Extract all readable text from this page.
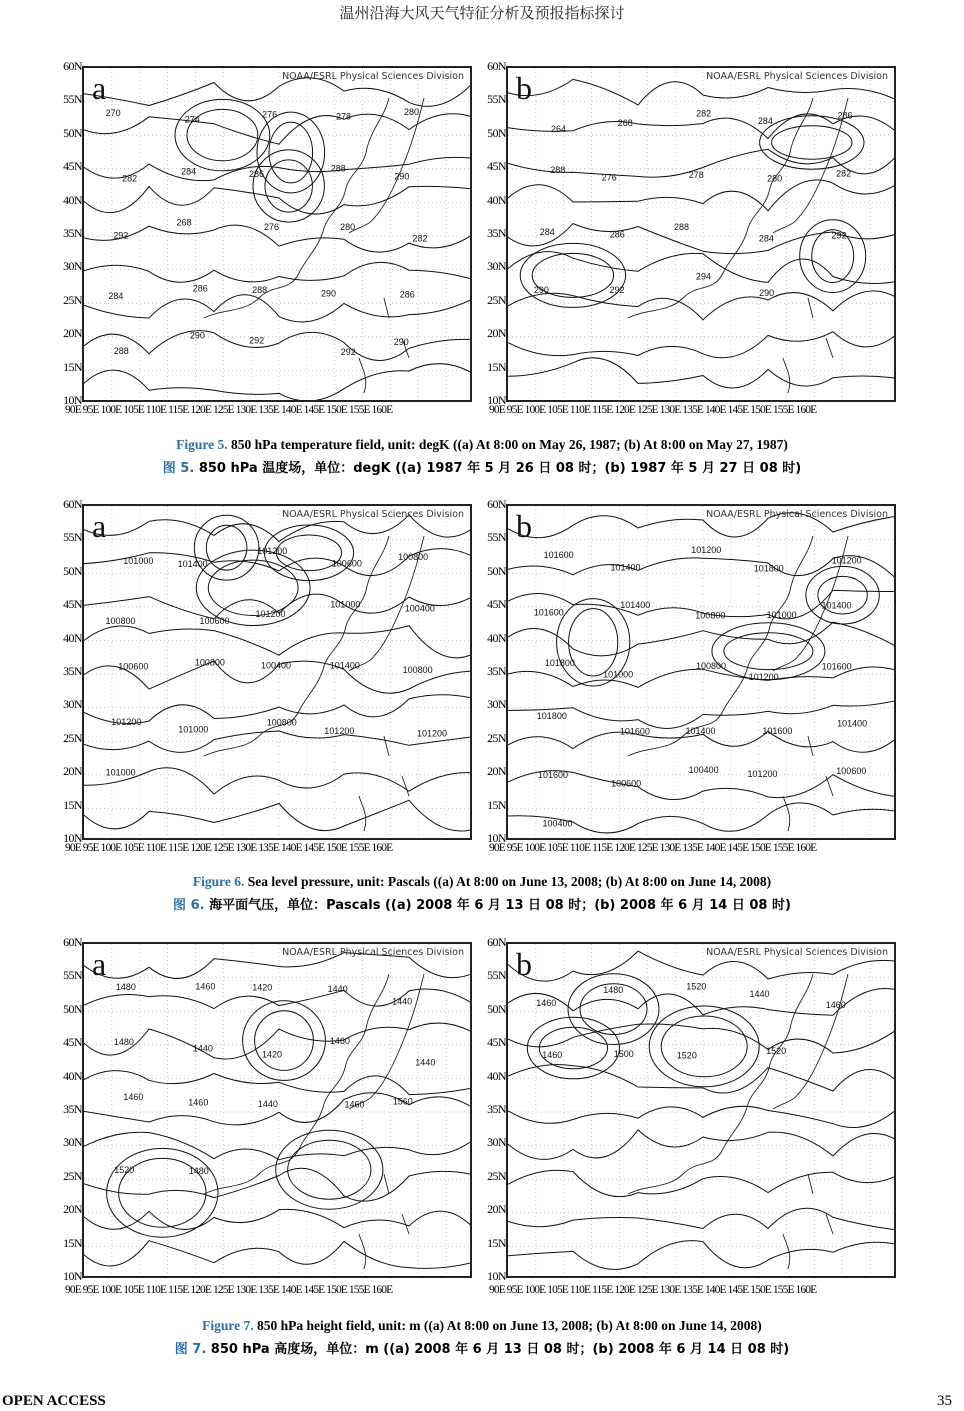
温州沿海大风天气特征分析及预报指标探讨
60N
55N
50N
45N
40N
35N
30N
25N
20N
15N
10N
270
274
276	278	280
282
284	286
288
290
292
268	276	280
282
284
286	288	290	286
288
290
292
292
290
NOAA/ESRL Physical Sciences Division
a
90E 95E 100E 105E 110E 115E 120E 125E 130E 135E 140E 145E 150E 155E 160E
60N
55N
50N
45N
40N
35N
30N
25N
20N
15N
10N
264
268
282
284
286
288
276	278	280	282
284	286
288
284	292
290	292
294
290
NOAA/ESRL Physical Sciences Division
b
90E 95E 100E 105E 110E 115E 120E 125E 130E 135E 140E 145E 150E 155E 160E
Figure 5. 850 hPa temperature field, unit: degK ((a) At 8:00 on May 26, 1987; (b) At 8:00 on May 27, 1987)
图 5. 850 hPa 温度场，单位：degK ((a) 1987 年 5 月 26 日 08 时；(b) 1987 年 5 月 27 日 08 时)
60N
55N
50N
45N
40N
35N
30N
25N
20N
15N
10N
101000	101400
101200
100600
100800
100800	100600
101200
101000	100400
100600	100800	100400	101400	100800
101200
101000
100800
101200	101200
101000
NOAA/ESRL Physical Sciences Division
a
90E 95E 100E 105E 110E 115E 120E 125E 130E 135E 140E 145E 150E 155E 160E
60N
55N
50N
45N
40N
35N
30N
25N
20N
15N
10N
101600
101400
101200
101800
101200
101600
101400
100800	101000
101400
101800
101000
100800
101200
101600
101800
101600	101400	101600
101400
101600
100600
100400	101200	100600
100400
NOAA/ESRL Physical Sciences Division
b
90E 95E 100E 105E 110E 115E 120E 125E 130E 135E 140E 145E 150E 155E 160E
Figure 6. Sea level pressure, unit: Pascals ((a) At 8:00 on June 13, 2008; (b) At 8:00 on June 14, 2008)
图 6. 海平面气压，单位：Pascals ((a) 2008 年 6 月 13 日 08 时；(b) 2008 年 6 月 14 日 08 时)
60N
55N
50N
45N
40N
35N
30N
25N
20N
15N
10N
1480	1460	1420	1440
1440
1480
1440
1420
1460
1440
1460
1460	1440	1460	1560
1520	1480
NOAA/ESRL Physical Sciences Division
a
90E 95E 100E 105E 110E 115E 120E 125E 130E 135E 140E 145E 150E 155E 160E
60N
55N
50N
45N
40N
35N
30N
25N
20N
15N
10N
1460
1480	1520
1440
1460
1460	1500	1520	1520
NOAA/ESRL Physical Sciences Division
b
90E 95E 100E 105E 110E 115E 120E 125E 130E 135E 140E 145E 150E 155E 160E
Figure 7. 850 hPa height field, unit: m ((a) At 8:00 on June 13, 2008; (b) At 8:00 on June 14, 2008)
图 7. 850 hPa 高度场，单位：m ((a) 2008 年 6 月 13 日 08 时；(b) 2008 年 6 月 14 日 08 时)
OPEN ACCESS	35
